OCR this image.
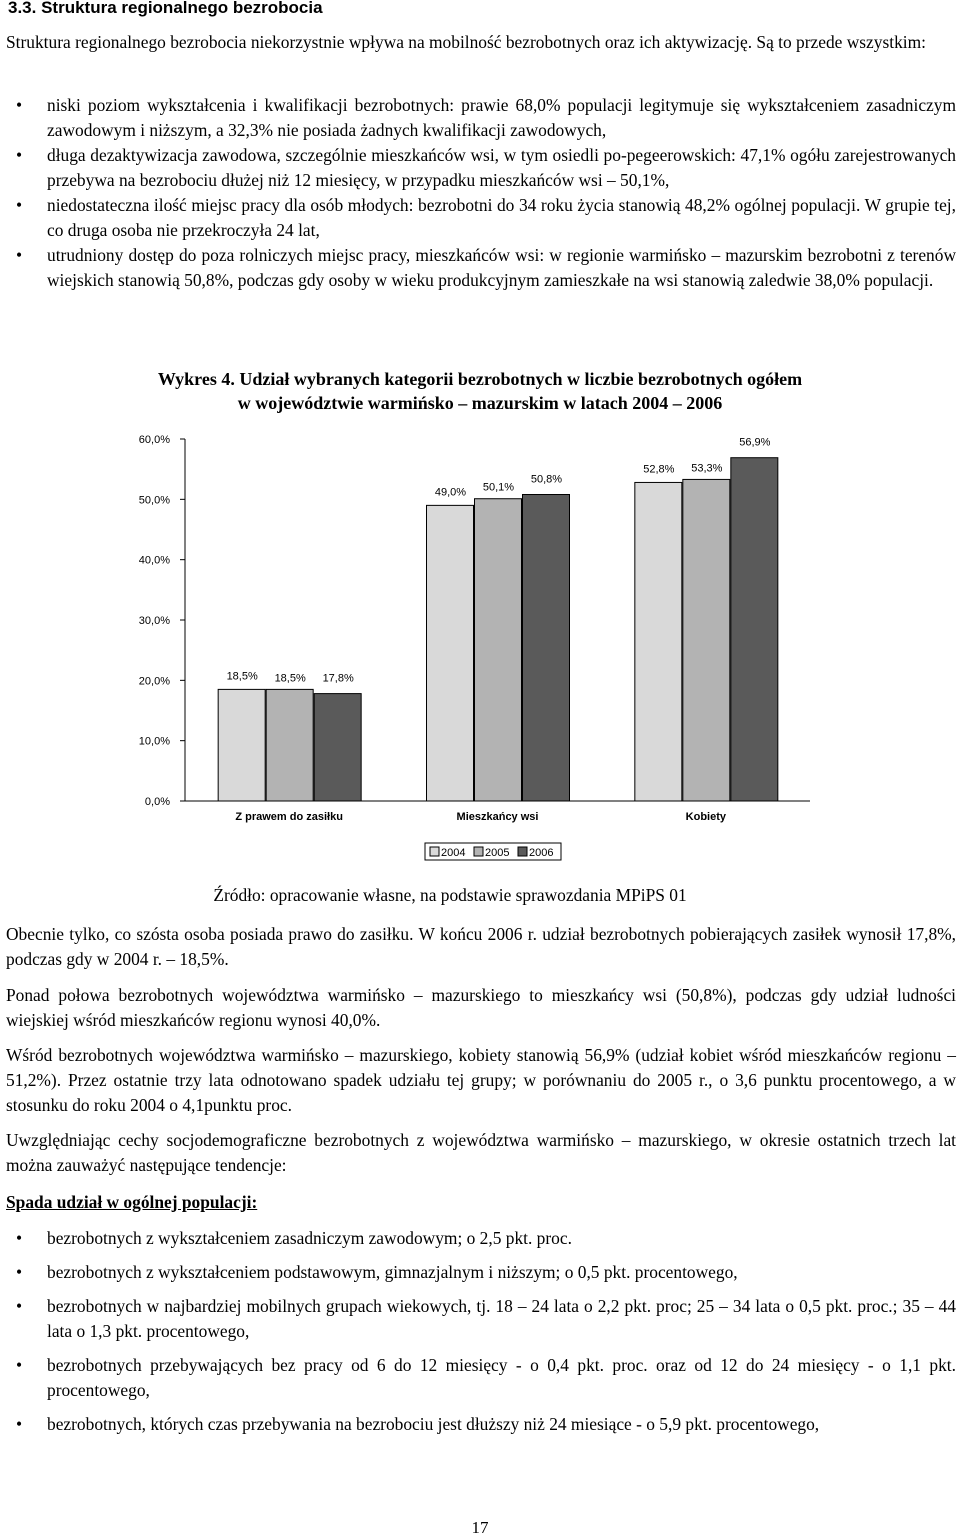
3.3. Struktura regionalnego bezrobocia

Struktura regionalnego bezrobocia niekorzystnie wpływa na mobilność bezrobotnych oraz ich aktywizację. Są to przede wszystkim:

• niski poziom wykształcenia i kwalifikacji bezrobotnych: prawie 68,0% populacji legitymuje się wykształceniem zasadniczym zawodowym i niższym, a 32,3% nie posiada żadnych kwalifikacji zawodowych,
• długa dezaktywizacja zawodowa, szczególnie mieszkańców wsi, w tym osiedli po-pegeerowskich: 47,1% ogółu zarejestrowanych przebywa na bezrobociu dłużej niż 12 miesięcy, w przypadku mieszkańców wsi – 50,1%,
• niedostateczna ilość miejsc pracy dla osób młodych: bezrobotni do 34 roku życia stanowią 48,2% ogólnej populacji. W grupie tej, co druga osoba nie przekroczyła 24 lat,
• utrudniony dostęp do poza rolniczych miejsc pracy, mieszkańców wsi: w regionie warmińsko – mazurskim bezrobotni z terenów wiejskich stanowią 50,8%, podczas gdy osoby w wieku produkcyjnym zamieszkałe na wsi stanowią zaledwie 38,0% populacji.
Wykres 4. Udział wybranych kategorii bezrobotnych w liczbie bezrobotnych ogółem
w województwie warmińsko – mazurskim w latach 2004 – 2006
0,0%
10,0%
20,0%
30,0%
40,0%
50,0%
60,0%
18,5% 18,5% 17,8%
49,0% 50,1%
50,8%
52,8% 53,3%
56,9%
Z prawem do zasiłku	Mieszkańcy wsi	Kobiety
2004 2005 2006

Źródło: opracowanie własne, na podstawie sprawozdania MPiPS 01

Obecnie tylko, co szósta osoba posiada prawo do zasiłku. W końcu 2006 r. udział bezrobotnych pobierających zasiłek wynosił 17,8%, podczas gdy w 2004 r. – 18,5%.

Ponad połowa bezrobotnych województwa warmińsko – mazurskiego to mieszkańcy wsi (50,8%), podczas gdy udział ludności wiejskiej wśród mieszkańców regionu wynosi 40,0%.

Wśród bezrobotnych województwa warmińsko – mazurskiego, kobiety stanowią 56,9% (udział kobiet wśród mieszkańców regionu – 51,2%). Przez ostatnie trzy lata odnotowano spadek udziału tej grupy; w porównaniu do 2005 r., o 3,6 punktu procentowego, a w stosunku do roku 2004 o 4,1punktu proc.

Uwzględniając cechy socjodemograficzne bezrobotnych z województwa warmińsko – mazurskiego, w okresie ostatnich trzech lat można zauważyć następujące tendencje:

Spada udział w ogólnej populacji:

• bezrobotnych z wykształceniem zasadniczym zawodowym; o 2,5 pkt. proc.
• bezrobotnych z wykształceniem podstawowym, gimnazjalnym i niższym; o 0,5 pkt. procentowego,
• bezrobotnych w najbardziej mobilnych grupach wiekowych, tj. 18 – 24 lata o 2,2 pkt. proc; 25 – 34 lata o 0,5 pkt. proc.; 35 – 44 lata o 1,3 pkt. procentowego,
• bezrobotnych przebywających bez pracy od 6 do 12 miesięcy - o 0,4 pkt. proc. oraz od 12 do 24 miesięcy - o 1,1 pkt. procentowego,
• bezrobotnych, których czas przebywania na bezrobociu jest dłuższy niż 24 miesiące - o 5,9 pkt. procentowego,
17
